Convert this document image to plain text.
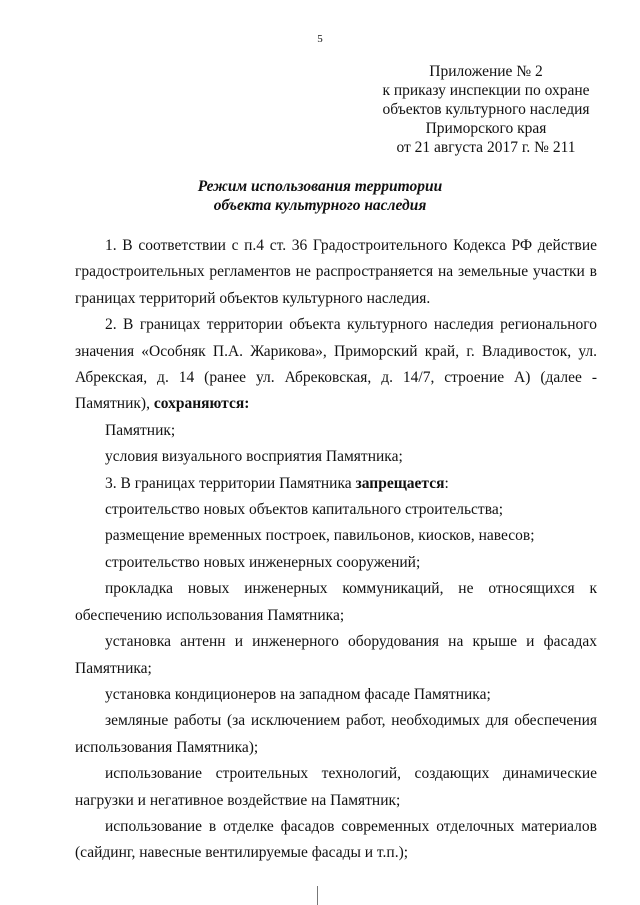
5
Приложение № 2
к приказу инспекции по охране
объектов культурного наследия
Приморского края
от 21 августа 2017 г. № 211
Режим использования территории
объекта культурного наследия

1. В соответствии с п.4 ст. 36 Градостроительного Кодекса РФ действие градостроительных регламентов не распространяется на земельные участки в границах территорий объектов культурного наследия.

2. В границах территории объекта культурного наследия регионального значения «Особняк П.А. Жарикова», Приморский край, г. Владивосток, ул. Абрекская, д. 14 (ранее ул. Абрековская, д. 14/7, строение А) (далее - Памятник), сохраняются:

Памятник;

условия визуального восприятия Памятника;

3. В границах территории Памятника запрещается:

строительство новых объектов капитального строительства;

размещение временных построек, павильонов, киосков, навесов;

строительство новых инженерных сооружений;

прокладка новых инженерных коммуникаций, не относящихся к обеспечению использования Памятника;

установка антенн и инженерного оборудования на крыше и фасадах Памятника;

установка кондиционеров на западном фасаде Памятника;

земляные работы (за исключением работ, необходимых для обеспечения использования Памятника);

использование строительных технологий, создающих динамические нагрузки и негативное воздействие на Памятник;

использование в отделке фасадов современных отделочных материалов (сайдинг, навесные вентилируемые фасады и т.п.);
